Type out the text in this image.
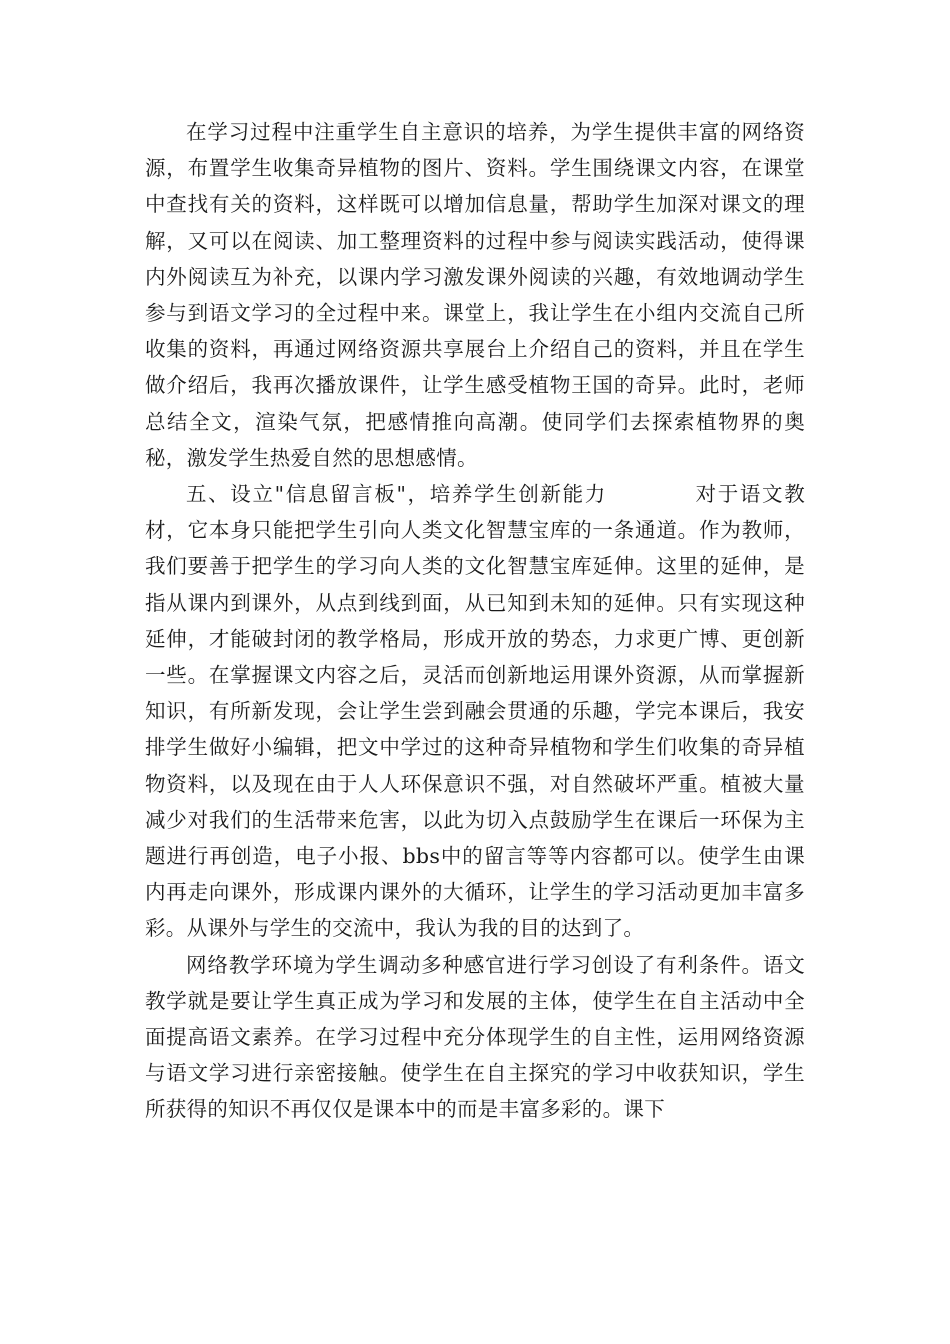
在学习过程中注重学生自主意识的培养，为学生提供丰富的网络资源，布置学生收集奇异植物的图片、资料。学生围绕课文内容，在课堂中查找有关的资料，这样既可以增加信息量，帮助学生加深对课文的理解，又可以在阅读、加工整理资料的过程中参与阅读实践活动，使得课内外阅读互为补充，以课内学习激发课外阅读的兴趣，有效地调动学生参与到语文学习的全过程中来。课堂上，我让学生在小组内交流自己所收集的资料，再通过网络资源共享展台上介绍自己的资料，并且在学生做介绍后，我再次播放课件，让学生感受植物王国的奇异。此时，老师总结全文，渲染气氛，把感情推向高潮。使同学们去探索植物界的奥秘，激发学生热爱自然的思想感情。

五、设立"信息留言板"，培养学生创新能力　　　　	对于语文教材，它本身只能把学生引向人类文化智慧宝库的一条通道。作为教师，我们要善于把学生的学习向人类的文化智慧宝库延伸。这里的延伸，是指从课内到课外，从点到线到面，从已知到未知的延伸。只有实现这种延伸，才能破封闭的教学格局，形成开放的势态，力求更广博、更创新一些。在掌握课文内容之后，灵活而创新地运用课外资源，从而掌握新知识，有所新发现，会让学生尝到融会贯通的乐趣，学完本课后，我安排学生做好小编辑，把文中学过的这种奇异植物和学生们收集的奇异植物资料，以及现在由于人人环保意识不强，对自然破坏严重。植被大量减少对我们的生活带来危害，以此为切入点鼓励学生在课后一环保为主题进行再创造，电子小报、bbs中的留言等等内容都可以。使学生由课内再走向课外，形成课内课外的大循环，让学生的学习活动更加丰富多彩。从课外与学生的交流中，我认为我的目的达到了。

网络教学环境为学生调动多种感官进行学习创设了有利条件。语文教学就是要让学生真正成为学习和发展的主体，使学生在自主活动中全面提高语文素养。在学习过程中充分体现学生的自主性，运用网络资源与语文学习进行亲密接触。使学生在自主探究的学习中收获知识，学生所获得的知识不再仅仅是课本中的而是丰富多彩的。课下
